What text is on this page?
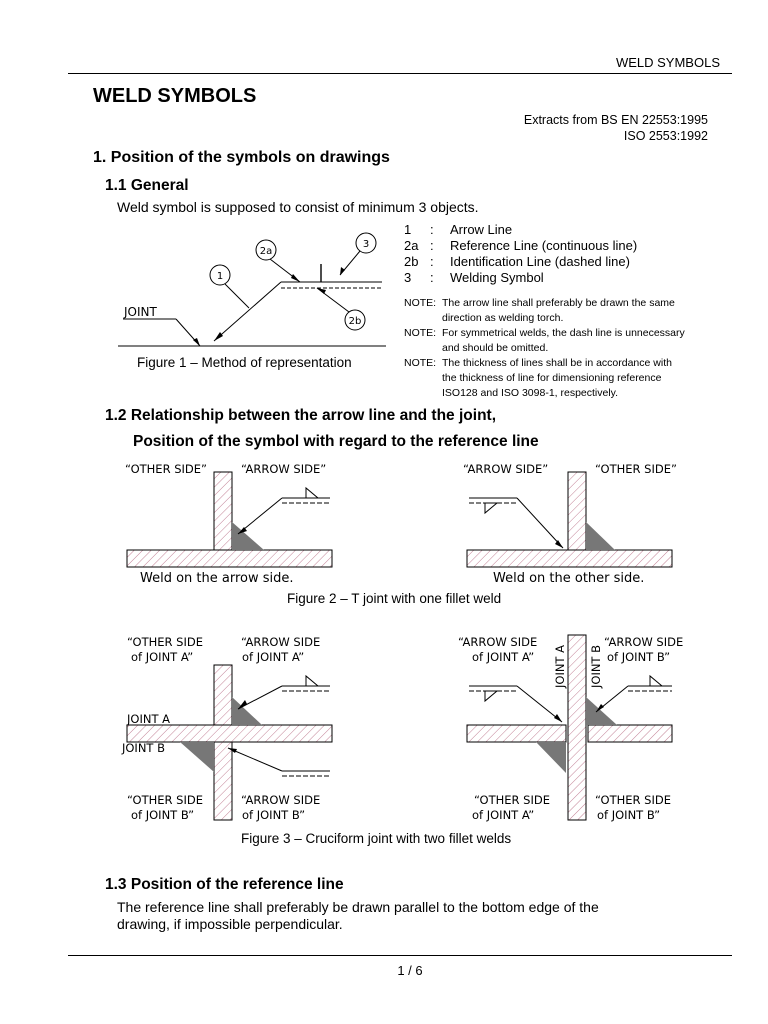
WELD SYMBOLS
WELD SYMBOLS
Extracts from BS EN 22553:1995
ISO 2553:1992
1. Position of the symbols on drawings
1.1 General
Weld symbol is supposed to consist of minimum 3 objects.
1
2a
3
2b
JOINT
Figure 1 – Method of representation
1	:	Arrow Line
2a :	Reference Line (continuous line)
2b :	Identification Line (dashed line)
3	:	Welding Symbol
NOTE: The arrow line shall preferably be drawn the same
direction as welding torch.
NOTE: For symmetrical welds, the dash line is unnecessary
and should be omitted.
NOTE: The thickness of lines shall be in accordance with
the thickness of line for dimensioning reference
ISO128 and ISO 3098-1, respectively.
1.2 Relationship between the arrow line and the joint,
Position of the symbol with regard to the reference line
“OTHER SIDE”	“ARROW SIDE”
Weld on the arrow side.
“ARROW SIDE”	“OTHER SIDE”
Weld on the other side.
Figure 2 – T joint with one fillet weld
“OTHER SIDE
of JOINT A”
“ARROW SIDE
of JOINT A”
JOINT A
JOINT B
“OTHER SIDE
of JOINT B”
“ARROW SIDE
of JOINT B”
“ARROW SIDE
of JOINT A” JOINT A JOINT B
“ARROW SIDE
of JOINT B”
“OTHER SIDE
of JOINT A”
“OTHER SIDE
of JOINT B”
Figure 3 – Cruciform joint with two fillet welds
1.3 Position of the reference line
The reference line shall preferably be drawn parallel to the bottom edge of the
drawing, if impossible perpendicular.
1 / 6
